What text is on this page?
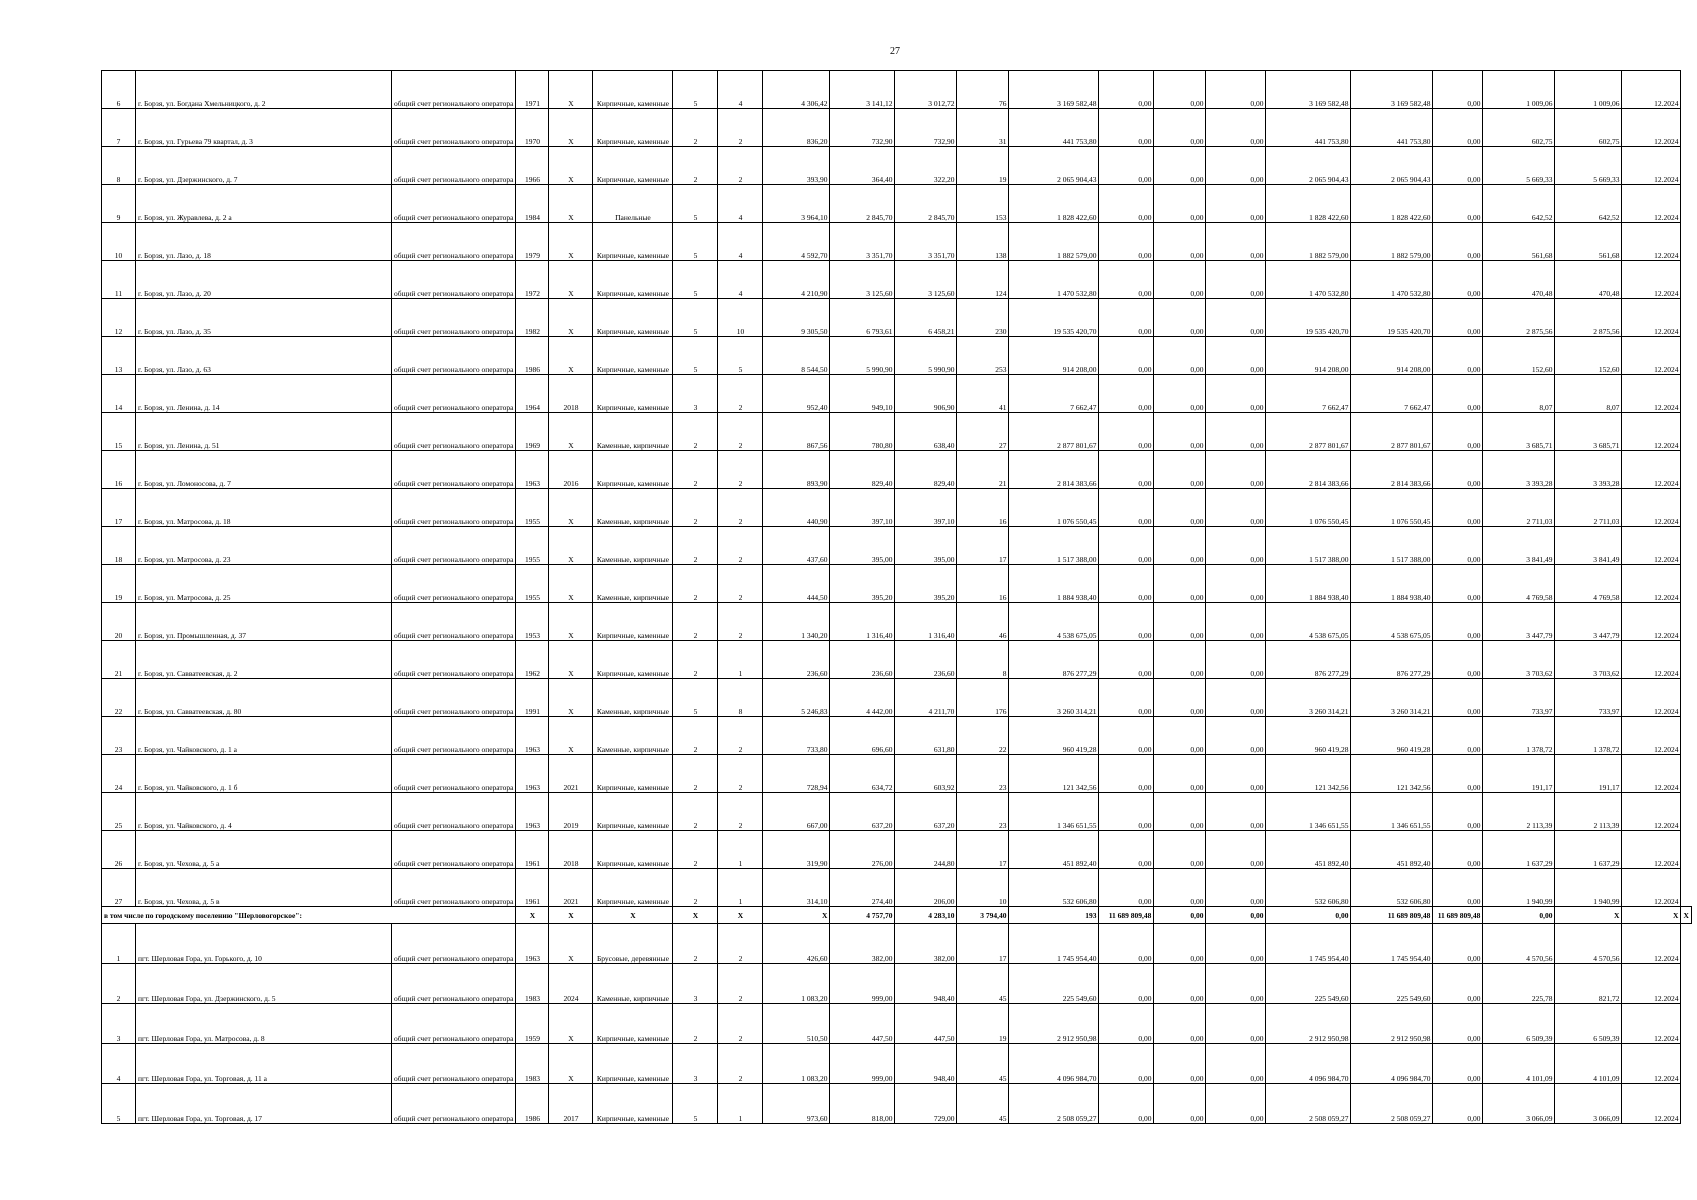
27
6	г. Борзя, ул. Богдана Хмельницкого, д. 2	общий счет регионального оператора	1971	X	Кирпичные, каменные	5	4	4 306,42	3 141,12	3 012,72	76	3 169 582,48	0,00	0,00	0,00	3 169 582,48	3 169 582,48	0,00	1 009,06	1 009,06	12.2024	
7	г. Борзя, ул. Гурьева 79 квартал, д. 3	общий счет регионального оператора	1970	X	Кирпичные, каменные	2	2	836,20	732,90	732,90	31	441 753,80	0,00	0,00	0,00	441 753,80	441 753,80	0,00	602,75	602,75	12.2024	
8	г. Борзя, ул. Дзержинского, д. 7	общий счет регионального оператора	1966	X	Кирпичные, каменные	2	2	393,90	364,40	322,20	19	2 065 904,43	0,00	0,00	0,00	2 065 904,43	2 065 904,43	0,00	5 669,33	5 669,33	12.2024	
9	г. Борзя, ул. Журавлева, д. 2 а	общий счет регионального оператора	1984	X	Панельные	5	4	3 964,10	2 845,70	2 845,70	153	1 828 422,60	0,00	0,00	0,00	1 828 422,60	1 828 422,60	0,00	642,52	642,52	12.2024	
10	г. Борзя, ул. Лазо, д. 18	общий счет регионального оператора	1979	X	Кирпичные, каменные	5	4	4 592,70	3 351,70	3 351,70	138	1 882 579,00	0,00	0,00	0,00	1 882 579,00	1 882 579,00	0,00	561,68	561,68	12.2024	
11	г. Борзя, ул. Лазо, д. 20	общий счет регионального оператора	1972	X	Кирпичные, каменные	5	4	4 210,90	3 125,60	3 125,60	124	1 470 532,80	0,00	0,00	0,00	1 470 532,80	1 470 532,80	0,00	470,48	470,48	12.2024	
12	г. Борзя, ул. Лазо, д. 35	общий счет регионального оператора	1982	X	Кирпичные, каменные	5	10	9 305,50	6 793,61	6 458,21	230	19 535 420,70	0,00	0,00	0,00	19 535 420,70	19 535 420,70	0,00	2 875,56	2 875,56	12.2024	
13	г. Борзя, ул. Лазо, д. 63	общий счет регионального оператора	1986	X	Кирпичные, каменные	5	5	8 544,50	5 990,90	5 990,90	253	914 208,00	0,00	0,00	0,00	914 208,00	914 208,00	0,00	152,60	152,60	12.2024	
14	г. Борзя, ул. Ленина, д. 14	общий счет регионального оператора	1964	2018	Кирпичные, каменные	3	2	952,40	949,10	906,90	41	7 662,47	0,00	0,00	0,00	7 662,47	7 662,47	0,00	8,07	8,07	12.2024	
15	г. Борзя, ул. Ленина, д. 51	общий счет регионального оператора	1969	X	Каменные, кирпичные	2	2	867,56	780,80	638,40	27	2 877 801,67	0,00	0,00	0,00	2 877 801,67	2 877 801,67	0,00	3 685,71	3 685,71	12.2024	
16	г. Борзя, ул. Ломоносова, д. 7	общий счет регионального оператора	1963	2016	Кирпичные, каменные	2	2	893,90	829,40	829,40	21	2 814 383,66	0,00	0,00	0,00	2 814 383,66	2 814 383,66	0,00	3 393,28	3 393,28	12.2024	
17	г. Борзя, ул. Матросова, д. 18	общий счет регионального оператора	1955	X	Каменные, кирпичные	2	2	440,90	397,10	397,10	16	1 076 550,45	0,00	0,00	0,00	1 076 550,45	1 076 550,45	0,00	2 711,03	2 711,03	12.2024	
18	г. Борзя, ул. Матросова, д. 23	общий счет регионального оператора	1955	X	Каменные, кирпичные	2	2	437,60	395,00	395,00	17	1 517 388,00	0,00	0,00	0,00	1 517 388,00	1 517 388,00	0,00	3 841,49	3 841,49	12.2024	
19	г. Борзя, ул. Матросова, д. 25	общий счет регионального оператора	1955	X	Каменные, кирпичные	2	2	444,50	395,20	395,20	16	1 884 938,40	0,00	0,00	0,00	1 884 938,40	1 884 938,40	0,00	4 769,58	4 769,58	12.2024	
20	г. Борзя, ул. Промышленная, д. 37	общий счет регионального оператора	1953	X	Кирпичные, каменные	2	2	1 340,20	1 316,40	1 316,40	46	4 538 675,05	0,00	0,00	0,00	4 538 675,05	4 538 675,05	0,00	3 447,79	3 447,79	12.2024	
21	г. Борзя, ул. Савватеевская, д. 2	общий счет регионального оператора	1962	X	Кирпичные, каменные	2	1	236,60	236,60	236,60	8	876 277,29	0,00	0,00	0,00	876 277,29	876 277,29	0,00	3 703,62	3 703,62	12.2024	
22	г. Борзя, ул. Савватеевская, д. 80	общий счет регионального оператора	1991	X	Каменные, кирпичные	5	8	5 246,83	4 442,00	4 211,70	176	3 260 314,21	0,00	0,00	0,00	3 260 314,21	3 260 314,21	0,00	733,97	733,97	12.2024	
23	г. Борзя, ул. Чайковского, д. 1 а	общий счет регионального оператора	1963	X	Каменные, кирпичные	2	2	733,80	696,60	631,80	22	960 419,28	0,00	0,00	0,00	960 419,28	960 419,28	0,00	1 378,72	1 378,72	12.2024	
24	г. Борзя, ул. Чайковского, д. 1 б	общий счет регионального оператора	1963	2021	Кирпичные, каменные	2	2	728,94	634,72	603,92	23	121 342,56	0,00	0,00	0,00	121 342,56	121 342,56	0,00	191,17	191,17	12.2024	
25	г. Борзя, ул. Чайковского, д. 4	общий счет регионального оператора	1963	2019	Кирпичные, каменные	2	2	667,00	637,20	637,20	23	1 346 651,55	0,00	0,00	0,00	1 346 651,55	1 346 651,55	0,00	2 113,39	2 113,39	12.2024	
26	г. Борзя, ул. Чехова, д. 5 а	общий счет регионального оператора	1961	2018	Кирпичные, каменные	2	1	319,90	276,00	244,80	17	451 892,40	0,00	0,00	0,00	451 892,40	451 892,40	0,00	1 637,29	1 637,29	12.2024	
27	г. Борзя, ул. Чехова, д. 5 в	общий счет регионального оператора	1961	2021	Кирпичные, каменные	2	1	314,10	274,40	206,00	10	532 606,80	0,00	0,00	0,00	532 606,80	532 606,80	0,00	1 940,99	1 940,99	12.2024	
в том числе по городскому поселению "Шерловогорское":			X	X	X	X	X	X	4 757,70	4 283,10	3 794,40	193	11 689 809,48	0,00	0,00	0,00	11 689 809,48	11 689 809,48	0,00	X	X	X
1	пгт. Шерловая Гора, ул. Горького, д. 10	общий счет регионального оператора	1963	X	Брусовые, деревянные	2	2	426,60	382,00	382,00	17	1 745 954,40	0,00	0,00	0,00	1 745 954,40	1 745 954,40	0,00	4 570,56	4 570,56	12.2024	
2	пгт. Шерловая Гора, ул. Дзержинского, д. 5	общий счет регионального оператора	1983	2024	Каменные, кирпичные	3	2	1 083,20	999,00	948,40	45	225 549,60	0,00	0,00	0,00	225 549,60	225 549,60	0,00	225,78	821,72	12.2024	
3	пгт. Шерловая Гора, ул. Матросова, д. 8	общий счет регионального оператора	1959	X	Кирпичные, каменные	2	2	510,50	447,50	447,50	19	2 912 950,98	0,00	0,00	0,00	2 912 950,98	2 912 950,98	0,00	6 509,39	6 509,39	12.2024	
4	пгт. Шерловая Гора, ул. Торговая, д. 11 а	общий счет регионального оператора	1983	X	Кирпичные, каменные	3	2	1 083,20	999,00	948,40	45	4 096 984,70	0,00	0,00	0,00	4 096 984,70	4 096 984,70	0,00	4 101,09	4 101,09	12.2024	
5	пгт. Шерловая Гора, ул. Торговая, д. 17	общий счет регионального оператора	1986	2017	Кирпичные, каменные	5	1	973,60	818,00	729,00	45	2 508 059,27	0,00	0,00	0,00	2 508 059,27	2 508 059,27	0,00	3 066,09	3 066,09	12.2024	
